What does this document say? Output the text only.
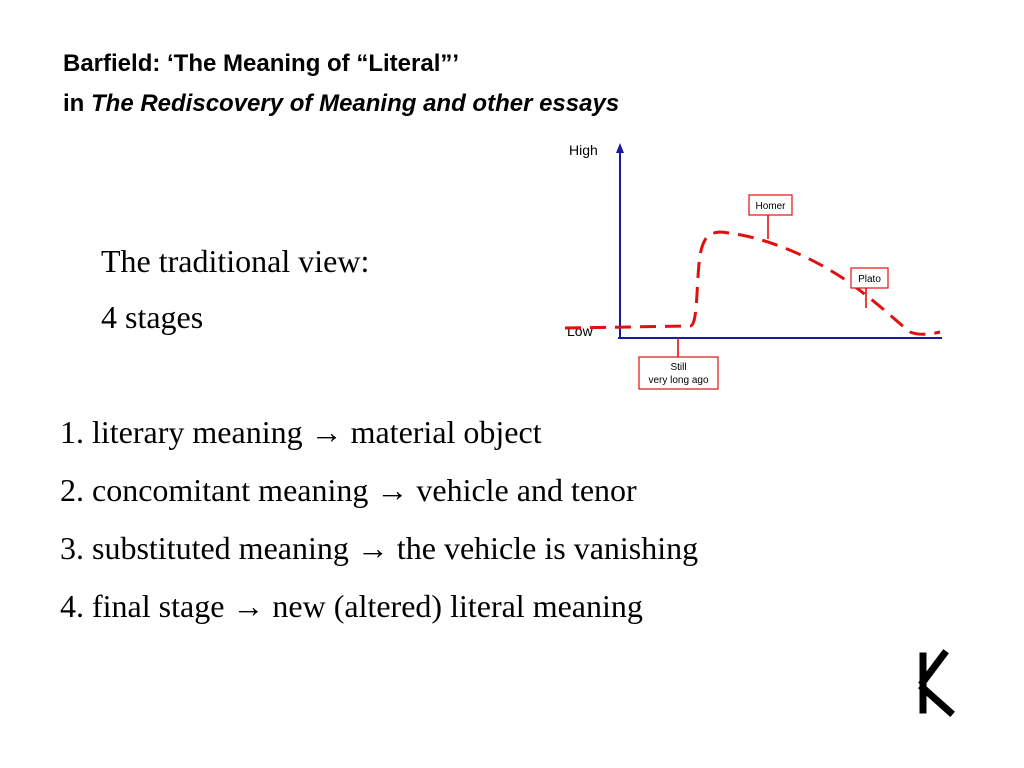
Barfield: ‘The Meaning of “Literal”’
in The Rediscovery of Meaning and other essays
The traditional view:
4 stages
High
Low
Homer
Plato
Still
very long ago
1. literary meaning → material object
2. concomitant meaning → vehicle and tenor
3. substituted meaning → the vehicle is vanishing
4. final stage → new (altered) literal meaning
